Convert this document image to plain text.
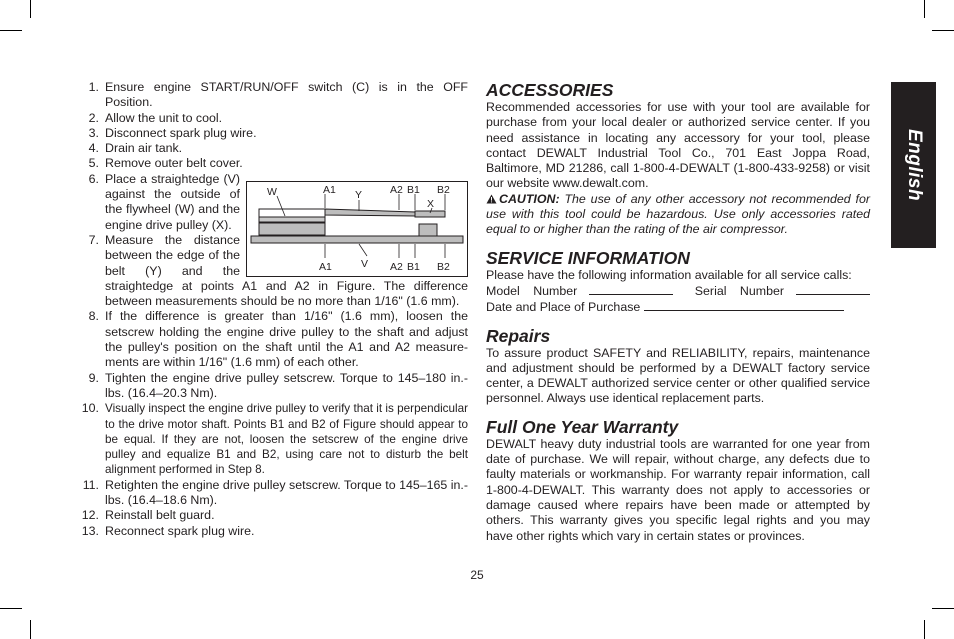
1. Ensure engine START/RUN/OFF switch (C) is in the OFF Position.
2. Allow the unit to cool.
3. Disconnect spark plug wire.
4. Drain air tank.
5. Remove outer belt cover.
6. Place a straightedge (V) against the outside of the flywheel (W) and the engine drive pulley (X).
7. Measure the distance between the edge of the belt (Y) and the straightedge at points A1 and A2 in Figure. The difference between measurements should be no more than 1/16" (1.6 mm).
8. If the difference is greater than 1/16" (1.6 mm), loosen the setscrew holding the engine drive pulley to the shaft and adjust the pulley's position on the shaft until the A1 and A2 measure-ments are within 1/16" (1.6 mm) of each other.
9. Tighten the engine drive pulley setscrew. Torque to 145–180 in.-lbs. (16.4–20.3 Nm).
10. Visually inspect the engine drive pulley to verify that it is perpendicular to the drive motor shaft. Points B1 and B2 of Figure should appear to be equal. If they are not, loosen the setscrew of the engine drive pulley and equalize B1 and B2, using care not to disturb the belt alignment performed in Step 8.
11. Retighten the engine drive pulley setscrew. Torque to 145–165 in.-lbs. (16.4–18.6 Nm).
12. Reinstall belt guard.
13. Reconnect spark plug wire.
W	A1 Y	A2 B1 B2
X
A1	V A2 B1 B2
ACCESSORIES

Recommended accessories for use with your tool are available for purchase from your local dealer or authorized service center. If you need assistance in locating any accessory for your tool, please contact DEWALT Industrial Tool Co., 701 East Joppa Road, Baltimore, MD 21286, call 1-800-4-DEWALT (1-800-433-9258) or visit our website www.dewalt.com.

CAUTION: The use of any other accessory not recommended for use with this tool could be hazardous. Use only accessories rated equal to or higher than the rating of the air compressor.

SERVICE INFORMATION

Please have the following information available for all service calls:

Model Number	Serial Number
Date and Place of Purchase
Repairs

To assure product SAFETY and RELIABILITY, repairs, maintenance and adjustment should be performed by a DEWALT factory service center, a DEWALT authorized service center or other qualified service personnel. Always use identical replacement parts.

Full One Year Warranty

DEWALT heavy duty industrial tools are warranted for one year from date of purchase. We will repair, without charge, any defects due to faulty materials or workmanship. For warranty repair information, call 1-800-4-DEWALT. This warranty does not apply to accessories or damage caused where repairs have been made or attempted by others. This warranty gives you specific legal rights and you may have other rights which vary in certain states or provinces.

English
25
